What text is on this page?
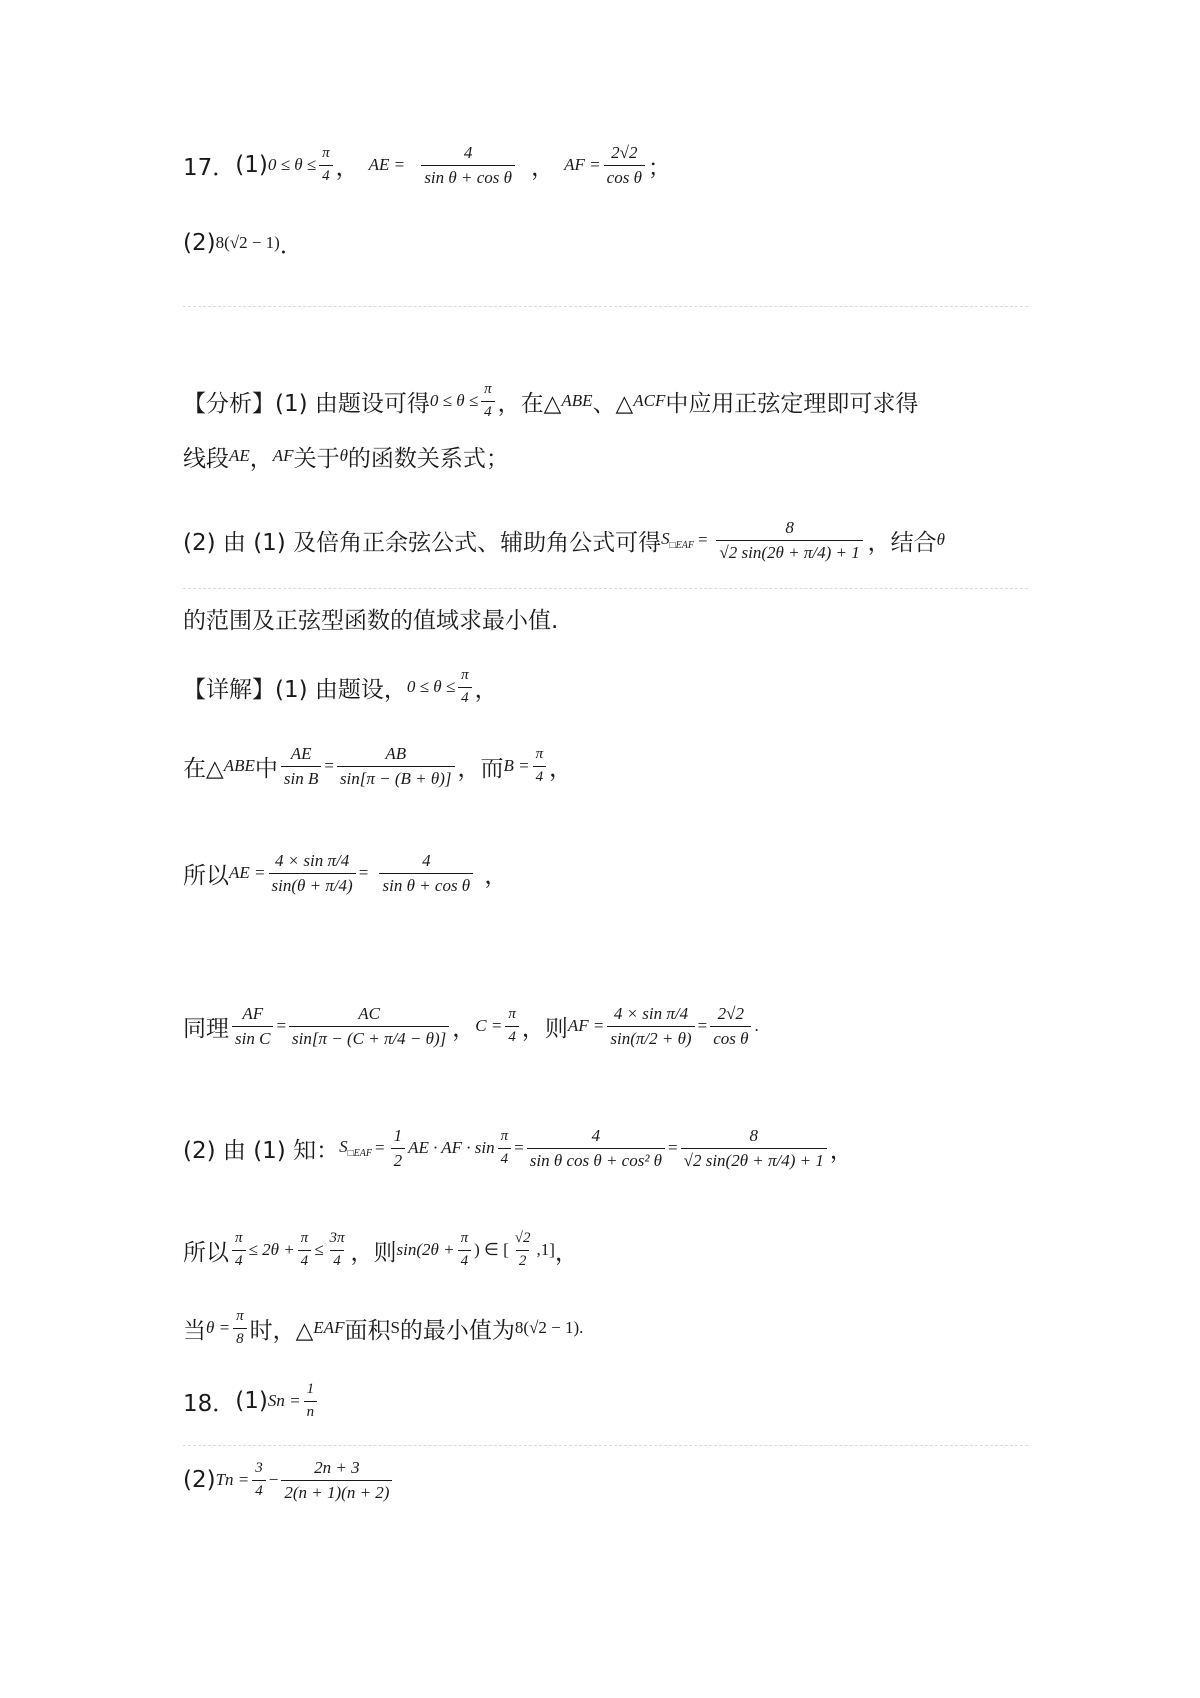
17． (1) $0 \le \theta \le \frac{\pi}{4}$ ， AE = $\frac{4}{\text{sin θ + cos θ}}$ ， AF = $\frac{2√2}{\text{cos θ}}$ ；
(2) 8(√2 − 1) ．
【分析】(1) 由题设可得 $0 \le \theta \le \frac{\pi}{4}$ ，在△ ABE 、△ ACF 中应用正弦定理即可求得
线段 AE ， AF 关于 θ 的函数关系式；
(2) 由 (1) 及倍角正余弦公式、辅助角公式可得 $S_{□EAF} = \frac{8}{√2 \sin(2\theta + \pi/4) + 1}$ ，结合 θ
的范围及正弦型函数的值域求最小值.
【详解】(1) 由题设， $0 \le \theta \le \frac{\pi}{4}$ ，
在△ ABE 中 $\frac{AE}{\text{sin B}} = \frac{AB}{\sin[\pi - (B + \theta)]}$ ，而 $B = \frac{\pi}{4}$ ，
所以 AE = $\frac{\text{4 × sin π/4}}{\sin(\theta + \pi/4)} = \frac{4}{\text{sin θ + cos θ}}$ ，
同理 $\frac{AF}{\text{sin C}} = \frac{AC}{\sin[\pi - (C + \pi/4 - \theta)]}$ ， $C = \frac{\pi}{4}$ ，则 AF = $\frac{\text{4 × sin π/4}}{\sin(\pi/2 + \theta)} = \frac{2√2}{\text{cos θ}}$ .
(2) 由 (1) 知： $S_{□EAF} = \frac{1}{2}$ AE · AF · $\sin \frac{\pi}{4} = \frac{4}{\text{sin θ cos θ + cos² θ}} = \frac{8}{√2 \sin(2\theta + \pi/4) + 1}$ ，
所以 $\frac{\pi}{4} \le 2\theta + \frac{\pi}{4} \le \frac{3\pi}{4}$ ，则 $\sin(2\theta + \frac{\pi}{4}$ ) ∈ [ $\frac{√2}{2} ,1$] ，
当 $\theta = \frac{\pi}{8}$ 时，△ EAF 面积 S 的最小值为 8(√2 − 1) .
18． (1) $Sn = \frac{1}{n}$
(2) $Tn = \frac{3}{4} - \frac{2n + 3}{2(n + 1)(n + 2)}$
